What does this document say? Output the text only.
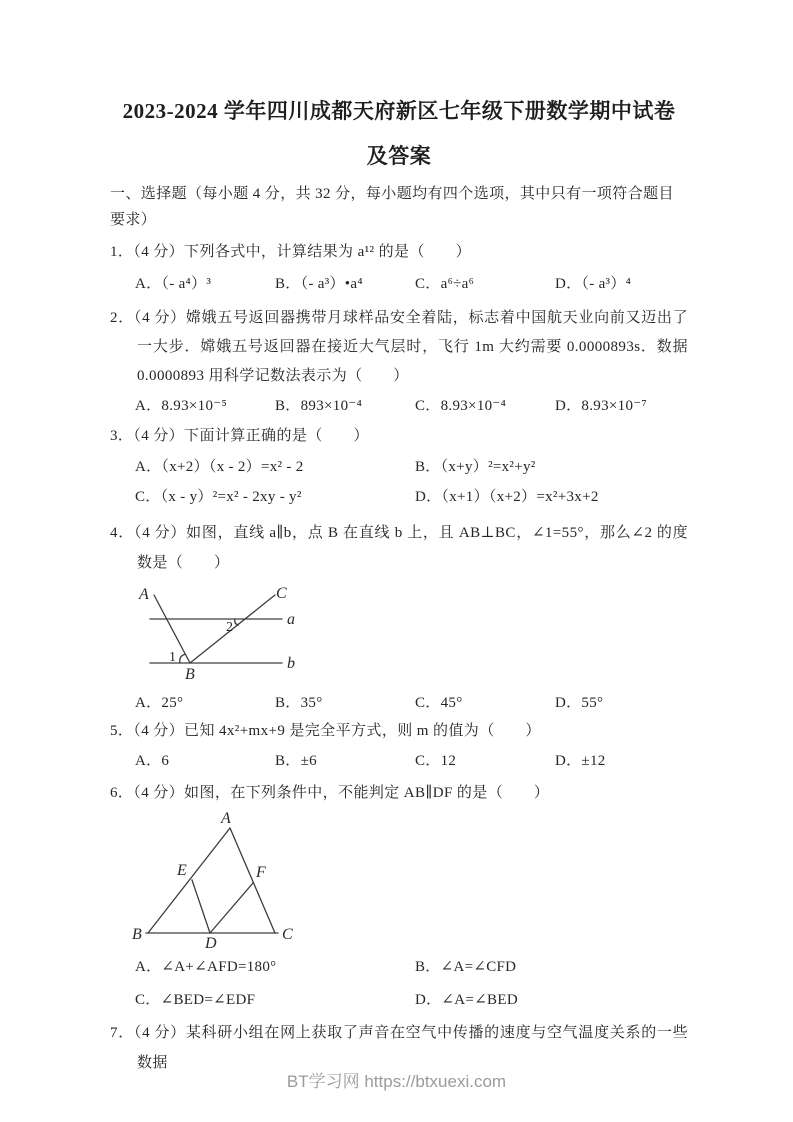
2023-2024 学年四川成都天府新区七年级下册数学期中试卷
及答案
一、选择题（每小题 4 分，共 32 分，每小题均有四个选项，其中只有一项符合题目要求）

1．（4 分）下列各式中，计算结果为 a¹² 的是（　　）

A．（- a⁴）³	B．（- a³）•a⁴	C．a⁶÷a⁶	D．（- a³）⁴

2．（4 分）嫦娥五号返回器携带月球样品安全着陆，标志着中国航天业向前又迈出了一大步．嫦娥五号返回器在接近大气层时，飞行 1m 大约需要 0.0000893s．数据 0.0000893 用科学记数法表示为（　　）

A．8.93×10⁻⁵	B．893×10⁻⁴	C．8.93×10⁻⁴	D．8.93×10⁻⁷

3．（4 分）下面计算正确的是（　　）

A．（x+2）（x - 2）=x² - 2	B．（x+y）²=x²+y²
C．（x - y）²=x² - 2xy - y²	D．（x+1）（x+2）=x²+3x+2

4．（4 分）如图，直线 a∥b，点 B 在直线 b 上，且 AB⊥BC，∠1=55°，那么∠2 的度数是（　　）

A	C
a
b
B
1
2
A．25°	B．35°	C．45°	D．55°

5．（4 分）已知 4x²+mx+9 是完全平方式，则 m 的值为（　　）

A．6	B．±6	C．12	D．±12

6．（4 分）如图，在下列条件中，不能判定 AB∥DF 的是（　　）

A
B	C
D
E	F
A．∠A+∠AFD=180°	B．∠A=∠CFD
C．∠BED=∠EDF	D．∠A=∠BED

7．（4 分）某科研小组在网上获取了声音在空气中传播的速度与空气温度关系的一些数据

BT学习网 https://btxuexi.com
